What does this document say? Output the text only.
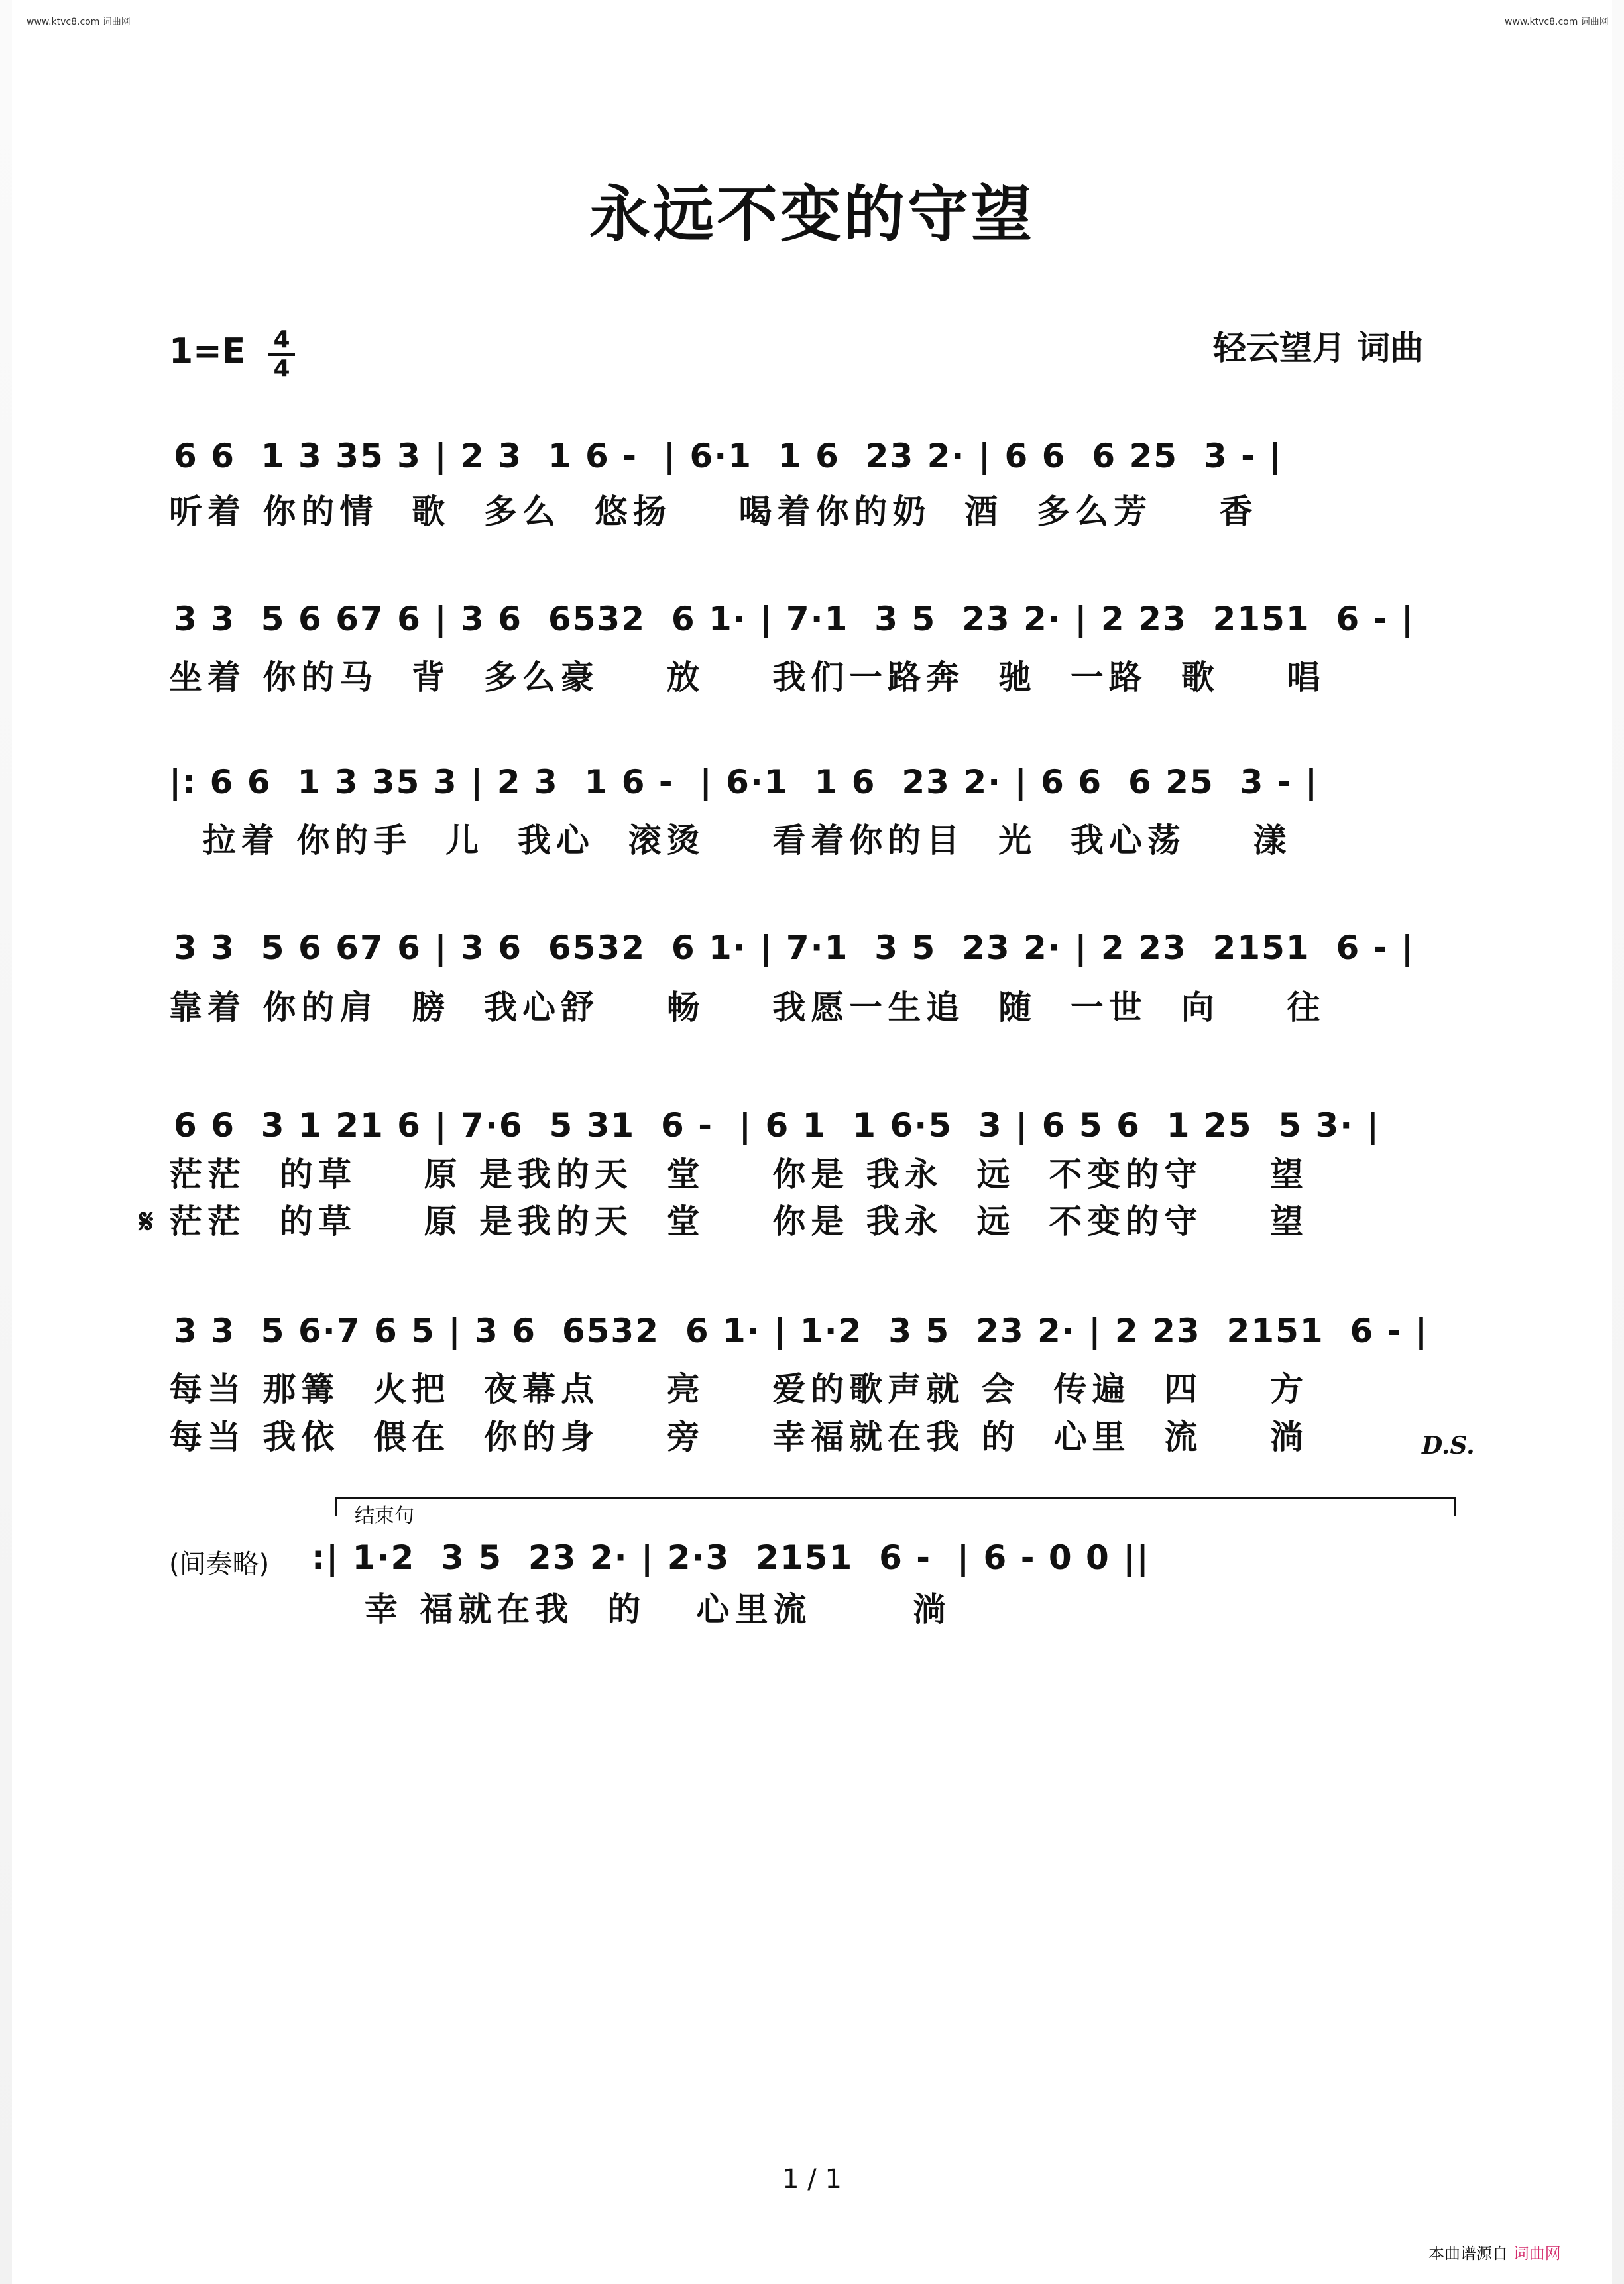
www.ktvc8.com 词曲网	www.ktvc8.com 词曲网
永远不变的守望
1=E 4
4
轻云望月 词曲
6 6  1 3 35 3 | 2 3  1 6 -  | 6·1  1 6  23 2· | 6 6  6 25  3 - |
听着 你的情  歌  多么  悠扬    喝着你的奶  酒  多么芳    香
3 3  5 6 67 6 | 3 6  6532  6 1· | 7·1  3 5  23 2· | 2 23  2151  6 - |
坐着 你的马  背  多么豪    放    我们一路奔  驰  一路  歌    唱
|: 6 6  1 3 35 3 | 2 3  1 6 -  | 6·1  1 6  23 2· | 6 6  6 25  3 - |
拉着 你的手  儿  我心  滚烫    看着你的目  光  我心荡    漾
3 3  5 6 67 6 | 3 6  6532  6 1· | 7·1  3 5  23 2· | 2 23  2151  6 - |
靠着 你的肩  膀  我心舒    畅    我愿一生追  随  一世  向    往
6 6  3 1 21 6 | 7·6  5 31  6 -  | 6 1  1 6·5  3 | 6 5 6  1 25  5 3· |
茫茫  的草    原 是我的天  堂    你是 我永  远  不变的守    望
𝄋 茫茫  的草    原 是我的天  堂    你是 我永  远  不变的守    望
3 3  5 6·7 6 5 | 3 6  6532  6 1· | 1·2  3 5  23 2· | 2 23  2151  6 - |
每当 那篝  火把  夜幕点    亮    爱的歌声就 会  传遍  四    方
每当 我依  偎在  你的身    旁    幸福就在我 的  心里  流    淌	D.S.
结束句
(间奏略) :| 1·2  3 5  23 2· | 2·3  2151  6 -  | 6 - 0 0 ||
幸 福就在我  的   心里流      淌
1 / 1
本曲谱源自 词曲网
